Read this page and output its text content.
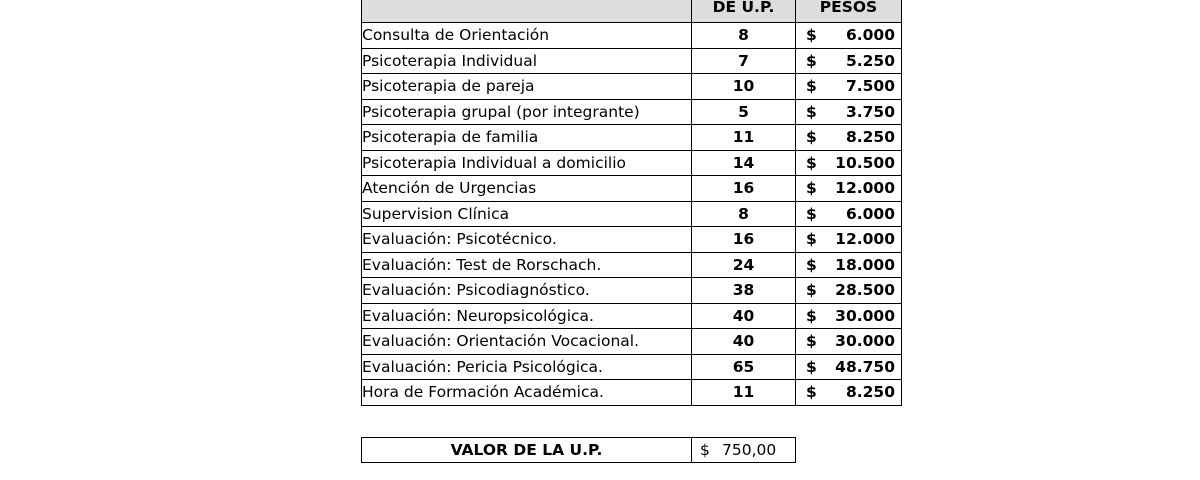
	DE U.P.	PESOS
Consulta de Orientación	8	$ 6.000

Psicoterapia Individual	7	$ 5.250

Psicoterapia de pareja	10	$ 7.500

Psicoterapia grupal (por integrante)	5	$ 3.750

Psicoterapia de familia	11	$ 8.250

Psicoterapia Individual a domicilio	14	$ 10.500

Atención de Urgencias	16	$ 12.000

Supervision Clínica	8	$ 6.000

Evaluación: Psicotécnico.	16	$ 12.000

Evaluación: Test de Rorschach.	24	$ 18.000

Evaluación: Psicodiagnóstico.	38	$ 28.500

Evaluación: Neuropsicológica.	40	$ 30.000

Evaluación: Orientación Vocacional.	40	$ 30.000

Evaluación: Pericia Psicológica.	65	$ 48.750

Hora de Formación Académica.	11	$ 8.250
VALOR DE LA U.P.	$ 750,00
